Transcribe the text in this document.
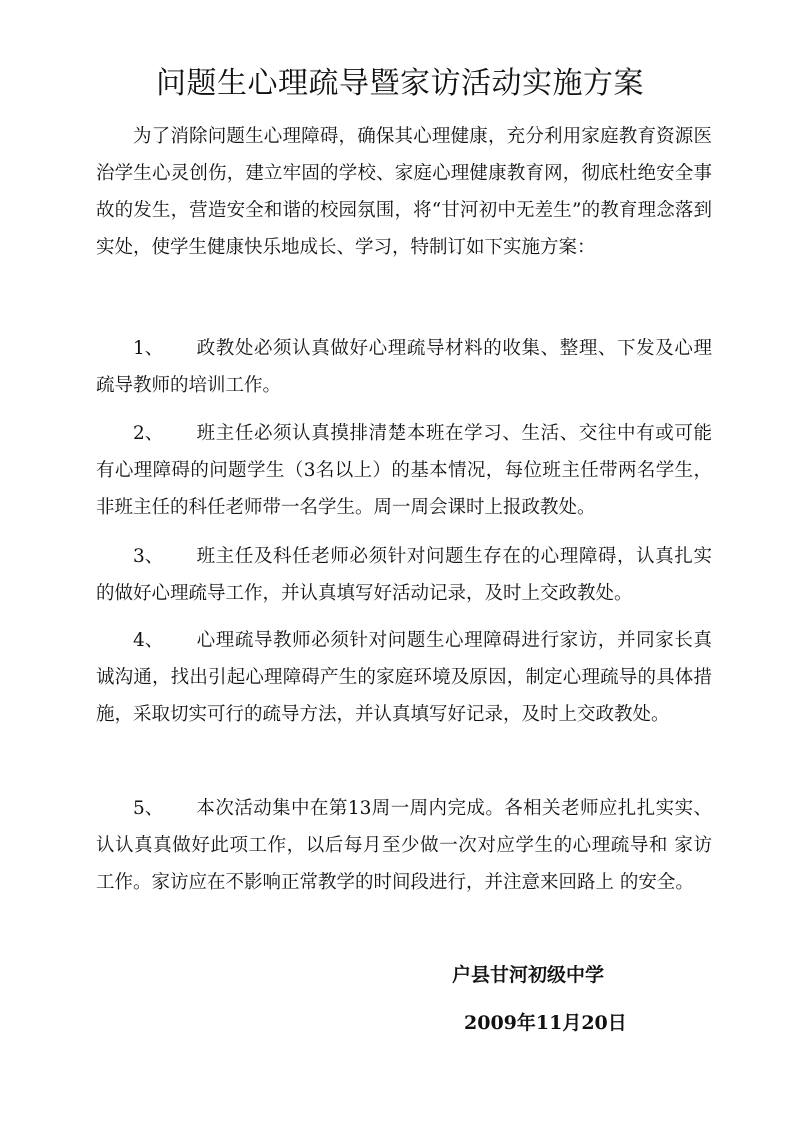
问题生心理疏导暨家访活动实施方案

为了消除问题生心理障碍，确保其心理健康，充分利用家庭教育资源医治学生心灵创伤，建立牢固的学校、家庭心理健康教育网，彻底杜绝安全事故的发生，营造安全和谐的校园氛围，将“甘河初中无差生”的教育理念落到实处，使学生健康快乐地成长、学习，特制订如下实施方案：

1、 政教处必须认真做好心理疏导材料的收集、整理、下发及心理疏导教师的培训工作。

2、 班主任必须认真摸排清楚本班在学习、生活、交往中有或可能有心理障碍的问题学生（3名以上）的基本情况，每位班主任带两名学生，非班主任的科任老师带一名学生。周一周会课时上报政教处。

3、 班主任及科任老师必须针对问题生存在的心理障碍，认真扎实的做好心理疏导工作，并认真填写好活动记录，及时上交政教处。

4、 心理疏导教师必须针对问题生心理障碍进行家访，并同家长真诚沟通，找出引起心理障碍产生的家庭环境及原因，制定心理疏导的具体措施，采取切实可行的疏导方法，并认真填写好记录，及时上交政教处。

5、 本次活动集中在第13周一周内完成。各相关老师应扎扎实实、 认认真真做好此项工作，以后每月至少做一次对应学生的心理疏导和 家访工作。家访应在不影响正常教学的时间段进行，并注意来回路上 的安全。

户县甘河初级中学

2009年11月20日
